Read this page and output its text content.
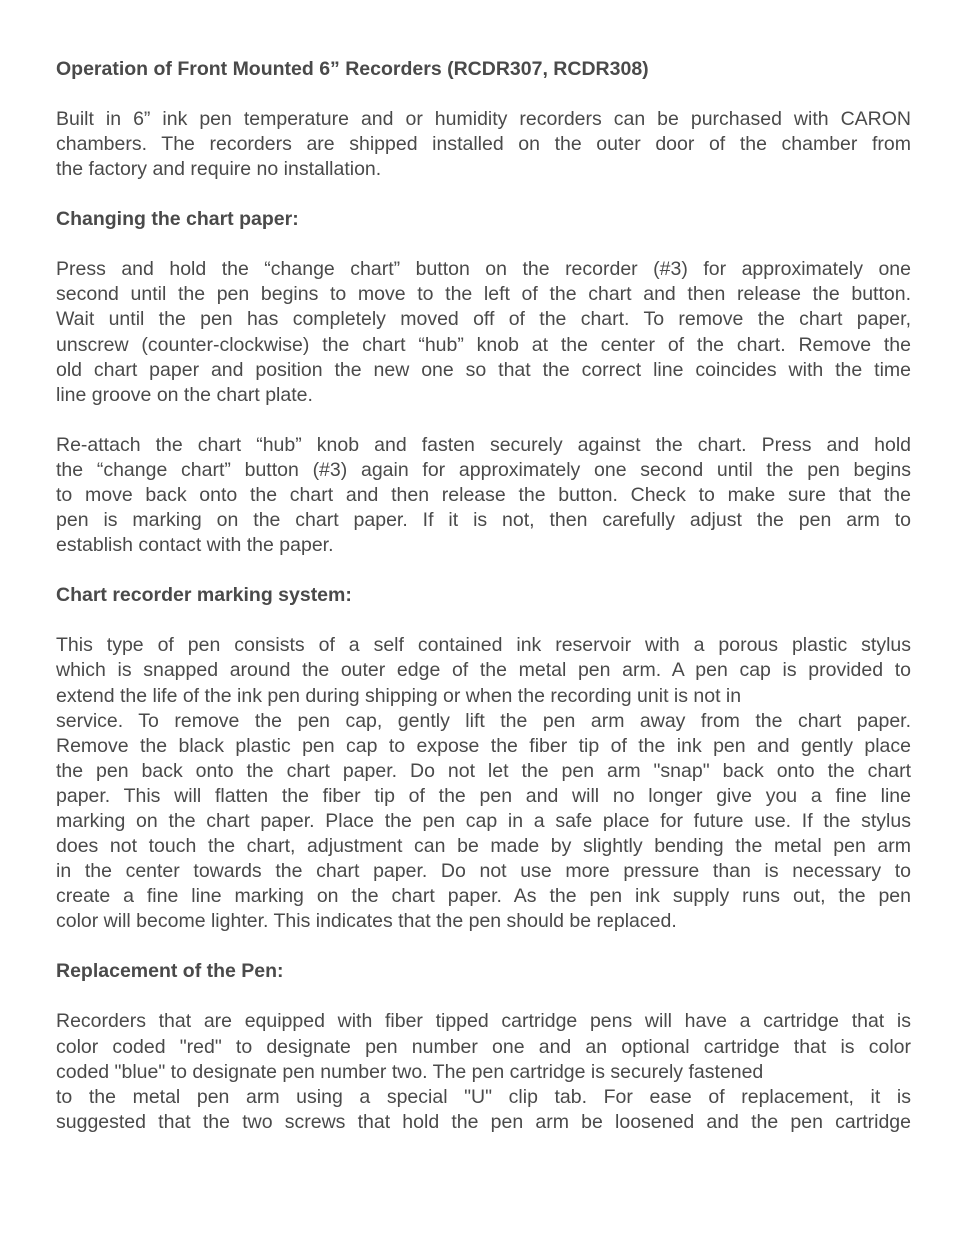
Operation of Front Mounted 6” Recorders (RCDR307, RCDR308)

Built in 6” ink pen temperature and or humidity recorders can be purchased with CARON
chambers. The recorders are shipped installed on the outer door of the chamber from
the factory and require no installation.

Changing the chart paper:

Press and hold the “change chart” button on the recorder (#3) for approximately one
second until the pen begins to move to the left of the chart and then release the button.
Wait until the pen has completely moved off of the chart. To remove the chart paper,
unscrew (counter-clockwise) the chart “hub” knob at the center of the chart. Remove the
old chart paper and position the new one so that the correct line coincides with the time
line groove on the chart plate.

Re-attach the chart “hub” knob and fasten securely against the chart. Press and hold
the “change chart” button (#3) again for approximately one second until the pen begins
to move back onto the chart and then release the button. Check to make sure that the
pen is marking on the chart paper. If it is not, then carefully adjust the pen arm to
establish contact with the paper.

Chart recorder marking system:

This type of pen consists of a self contained ink reservoir with a porous plastic stylus
which is snapped around the outer edge of the metal pen arm. A pen cap is provided to
extend the life of the ink pen during shipping or when the recording unit is not in
service. To remove the pen cap, gently lift the pen arm away from the chart paper.
Remove the black plastic pen cap to expose the fiber tip of the ink pen and gently place
the pen back onto the chart paper. Do not let the pen arm "snap" back onto the chart
paper. This will flatten the fiber tip of the pen and will no longer give you a fine line
marking on the chart paper. Place the pen cap in a safe place for future use. If the stylus
does not touch the chart, adjustment can be made by slightly bending the metal pen arm
in the center towards the chart paper. Do not use more pressure than is necessary to
create a fine line marking on the chart paper. As the pen ink supply runs out, the pen
color will become lighter. This indicates that the pen should be replaced.

Replacement of the Pen:

Recorders that are equipped with fiber tipped cartridge pens will have a cartridge that is
color coded "red" to designate pen number one and an optional cartridge that is color
coded "blue" to designate pen number two. The pen cartridge is securely fastened
to the metal pen arm using a special "U" clip tab. For ease of replacement, it is
suggested that the two screws that hold the pen arm be loosened and the pen cartridge
